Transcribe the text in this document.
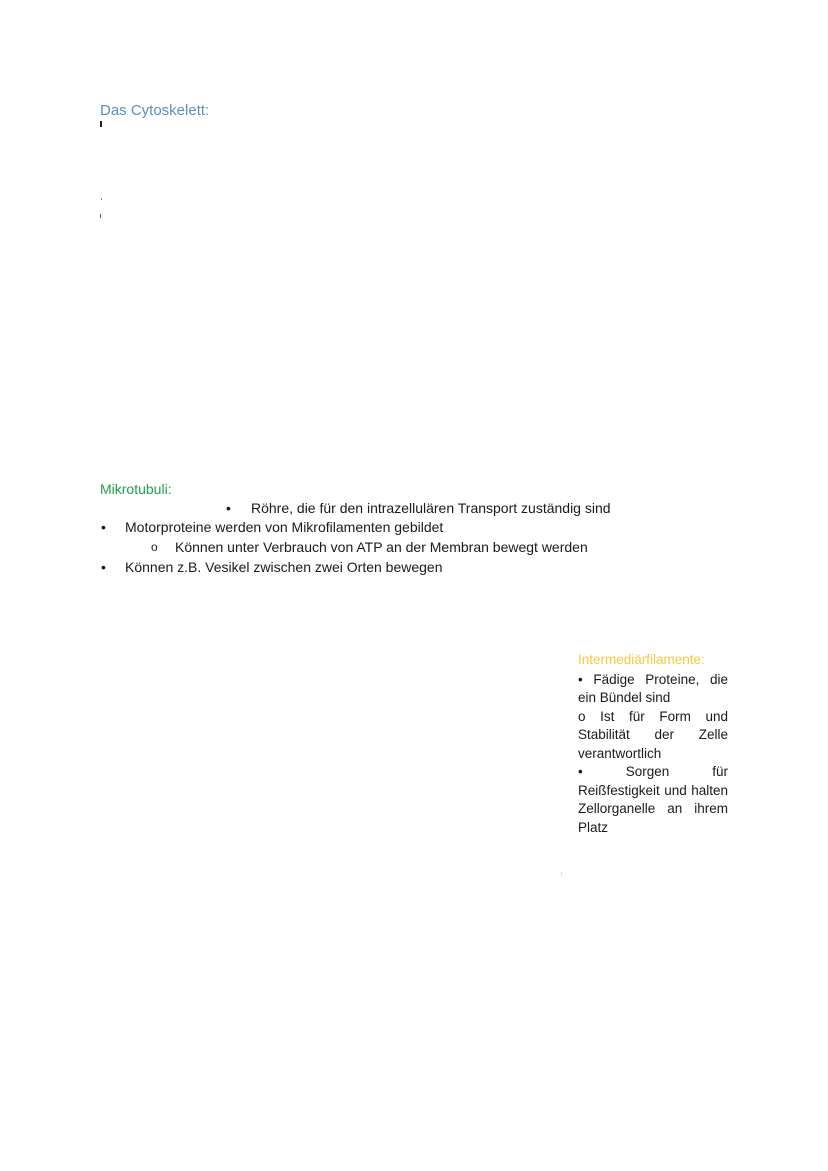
Das Cytoskelett:
Mikrotubuli:
• Röhre, die für den intrazellulären Transport zuständig sind
• Motorproteine werden von Mikrofilamenten gebildet
o Können unter Verbrauch von ATP an der Membran bewegt werden
• Können z.B. Vesikel zwischen zwei Orten bewegen
Intermediärfilamente:

• Fädige Proteine, die ein Bündel sind

o Ist für Form und Stabilität der Zelle verantwortlich

• Sorgen für Reißfestigkeit und halten Zellorganelle an ihrem Platz
